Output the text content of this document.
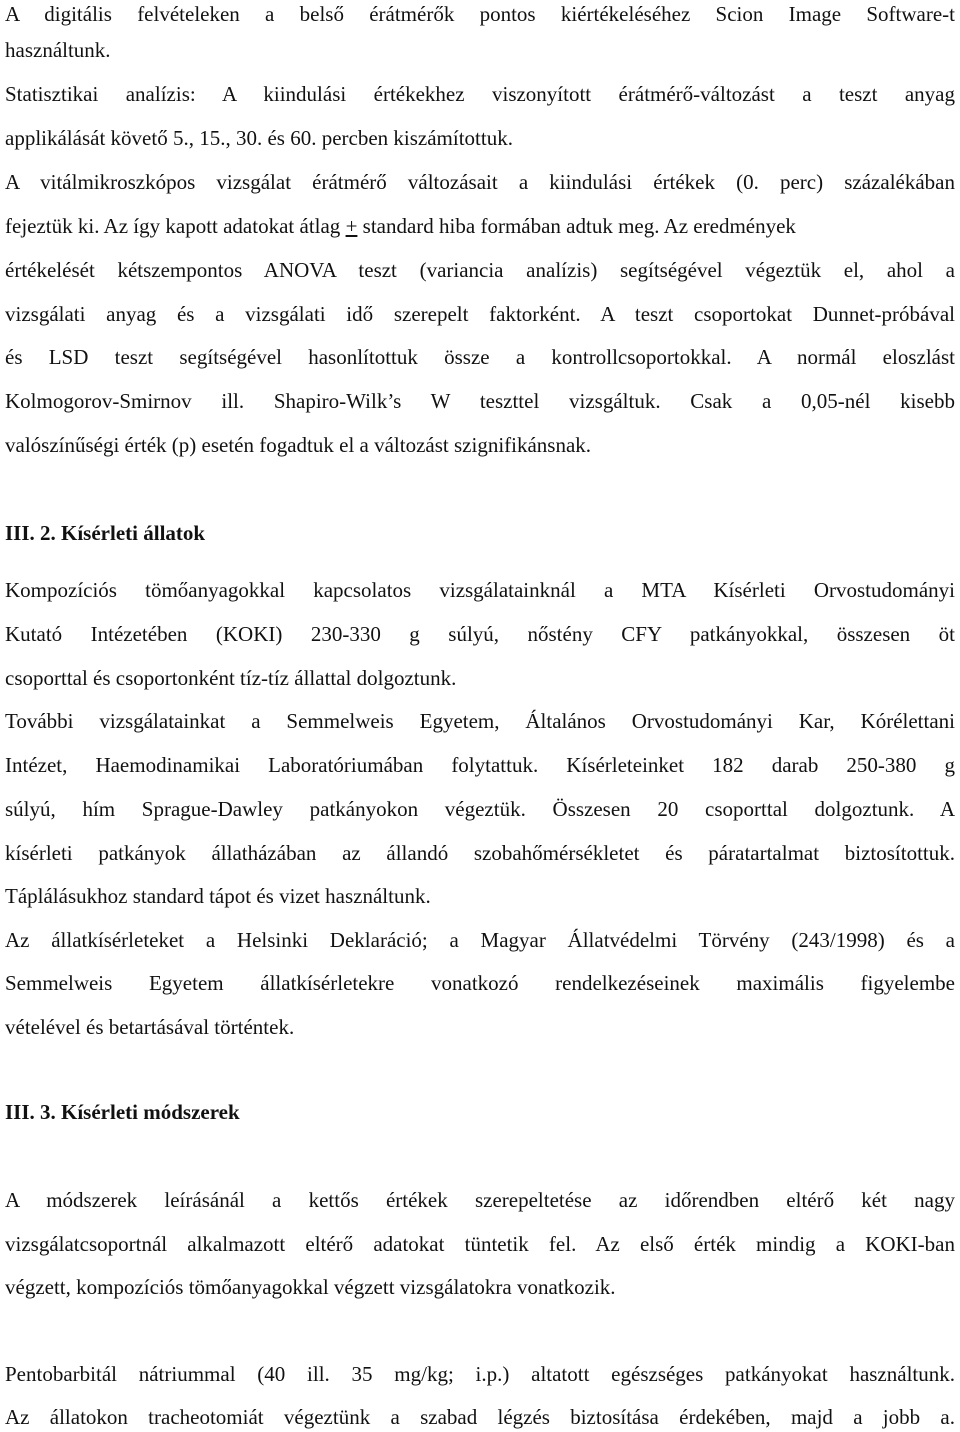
A digitális felvételeken a belső érátmérők pontos kiértékeléséhez Scion Image Software-t
használtunk.
Statisztikai analízis: A kiindulási értékekhez viszonyított érátmérő-változást a teszt anyag
applikálását követő 5., 15., 30. és 60. percben kiszámítottuk.
A vitálmikroszkópos vizsgálat érátmérő változásait a kiindulási értékek (0. perc) százalékában
fejeztük ki. Az így kapott adatokat átlag + standard hiba formában adtuk meg. Az eredmények
értékelését kétszempontos ANOVA teszt (variancia analízis) segítségével végeztük el, ahol a
vizsgálati anyag és a vizsgálati idő szerepelt faktorként. A teszt csoportokat Dunnet-próbával
és LSD teszt segítségével hasonlítottuk össze a kontrollcsoportokkal. A normál eloszlást
Kolmogorov-Smirnov ill. Shapiro-Wilk’s W teszttel vizsgáltuk. Csak a 0,05-nél kisebb
valószínűségi érték (p) esetén fogadtuk el a változást szignifikánsnak.
III. 2. Kísérleti állatok
Kompozíciós tömőanyagokkal kapcsolatos vizsgálatainknál a MTA Kísérleti Orvostudományi
Kutató Intézetében (KOKI) 230-330 g súlyú, nőstény CFY patkányokkal, összesen öt
csoporttal és csoportonként tíz-tíz állattal dolgoztunk.
További vizsgálatainkat a Semmelweis Egyetem, Általános Orvostudományi Kar, Kórélettani
Intézet, Haemodinamikai Laboratóriumában folytattuk. Kísérleteinket 182 darab 250-380 g
súlyú, hím Sprague-Dawley patkányokon végeztük. Összesen 20 csoporttal dolgoztunk. A
kísérleti patkányok állatházában az állandó szobahőmérsékletet és páratartalmat biztosítottuk.
Táplálásukhoz standard tápot és vizet használtunk.
Az állatkísérleteket a Helsinki Deklaráció; a Magyar Állatvédelmi Törvény (243/1998) és a
Semmelweis Egyetem állatkísérletekre vonatkozó rendelkezéseinek maximális figyelembe
vételével és betartásával történtek.
III. 3. Kísérleti módszerek
A módszerek leírásánál a kettős értékek szerepeltetése az időrendben eltérő két nagy
vizsgálatcsoportnál alkalmazott eltérő adatokat tüntetik fel. Az első érték mindig a KOKI-ban
végzett, kompozíciós tömőanyagokkal végzett vizsgálatokra vonatkozik.
Pentobarbitál nátriummal (40 ill. 35 mg/kg; i.p.) altatott egészséges patkányokat használtunk.
Az állatokon tracheotomiát végeztünk a szabad légzés biztosítása érdekében, majd a jobb a.
